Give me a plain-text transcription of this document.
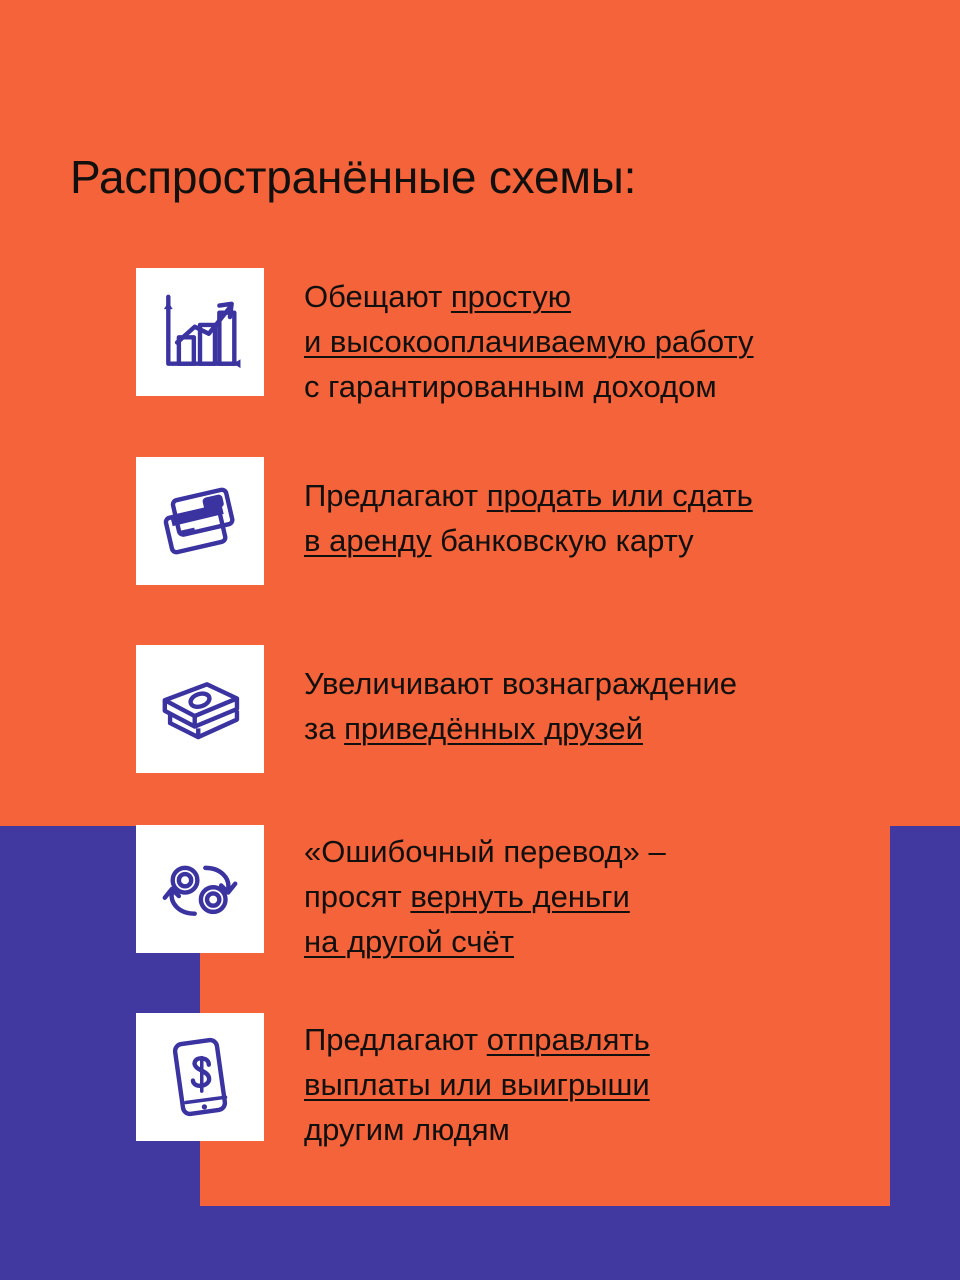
Распространённые схемы:
Обещают простую
и высокооплачиваемую работу
с гарантированным доходом
Предлагают продать или сдать
в аренду банковскую карту
Увеличивают вознаграждение
за приведённых друзей
«Ошибочный перевод» –
просят вернуть деньги
на другой счёт
Предлагают отправлять
выплаты или выигрыши
другим людям
